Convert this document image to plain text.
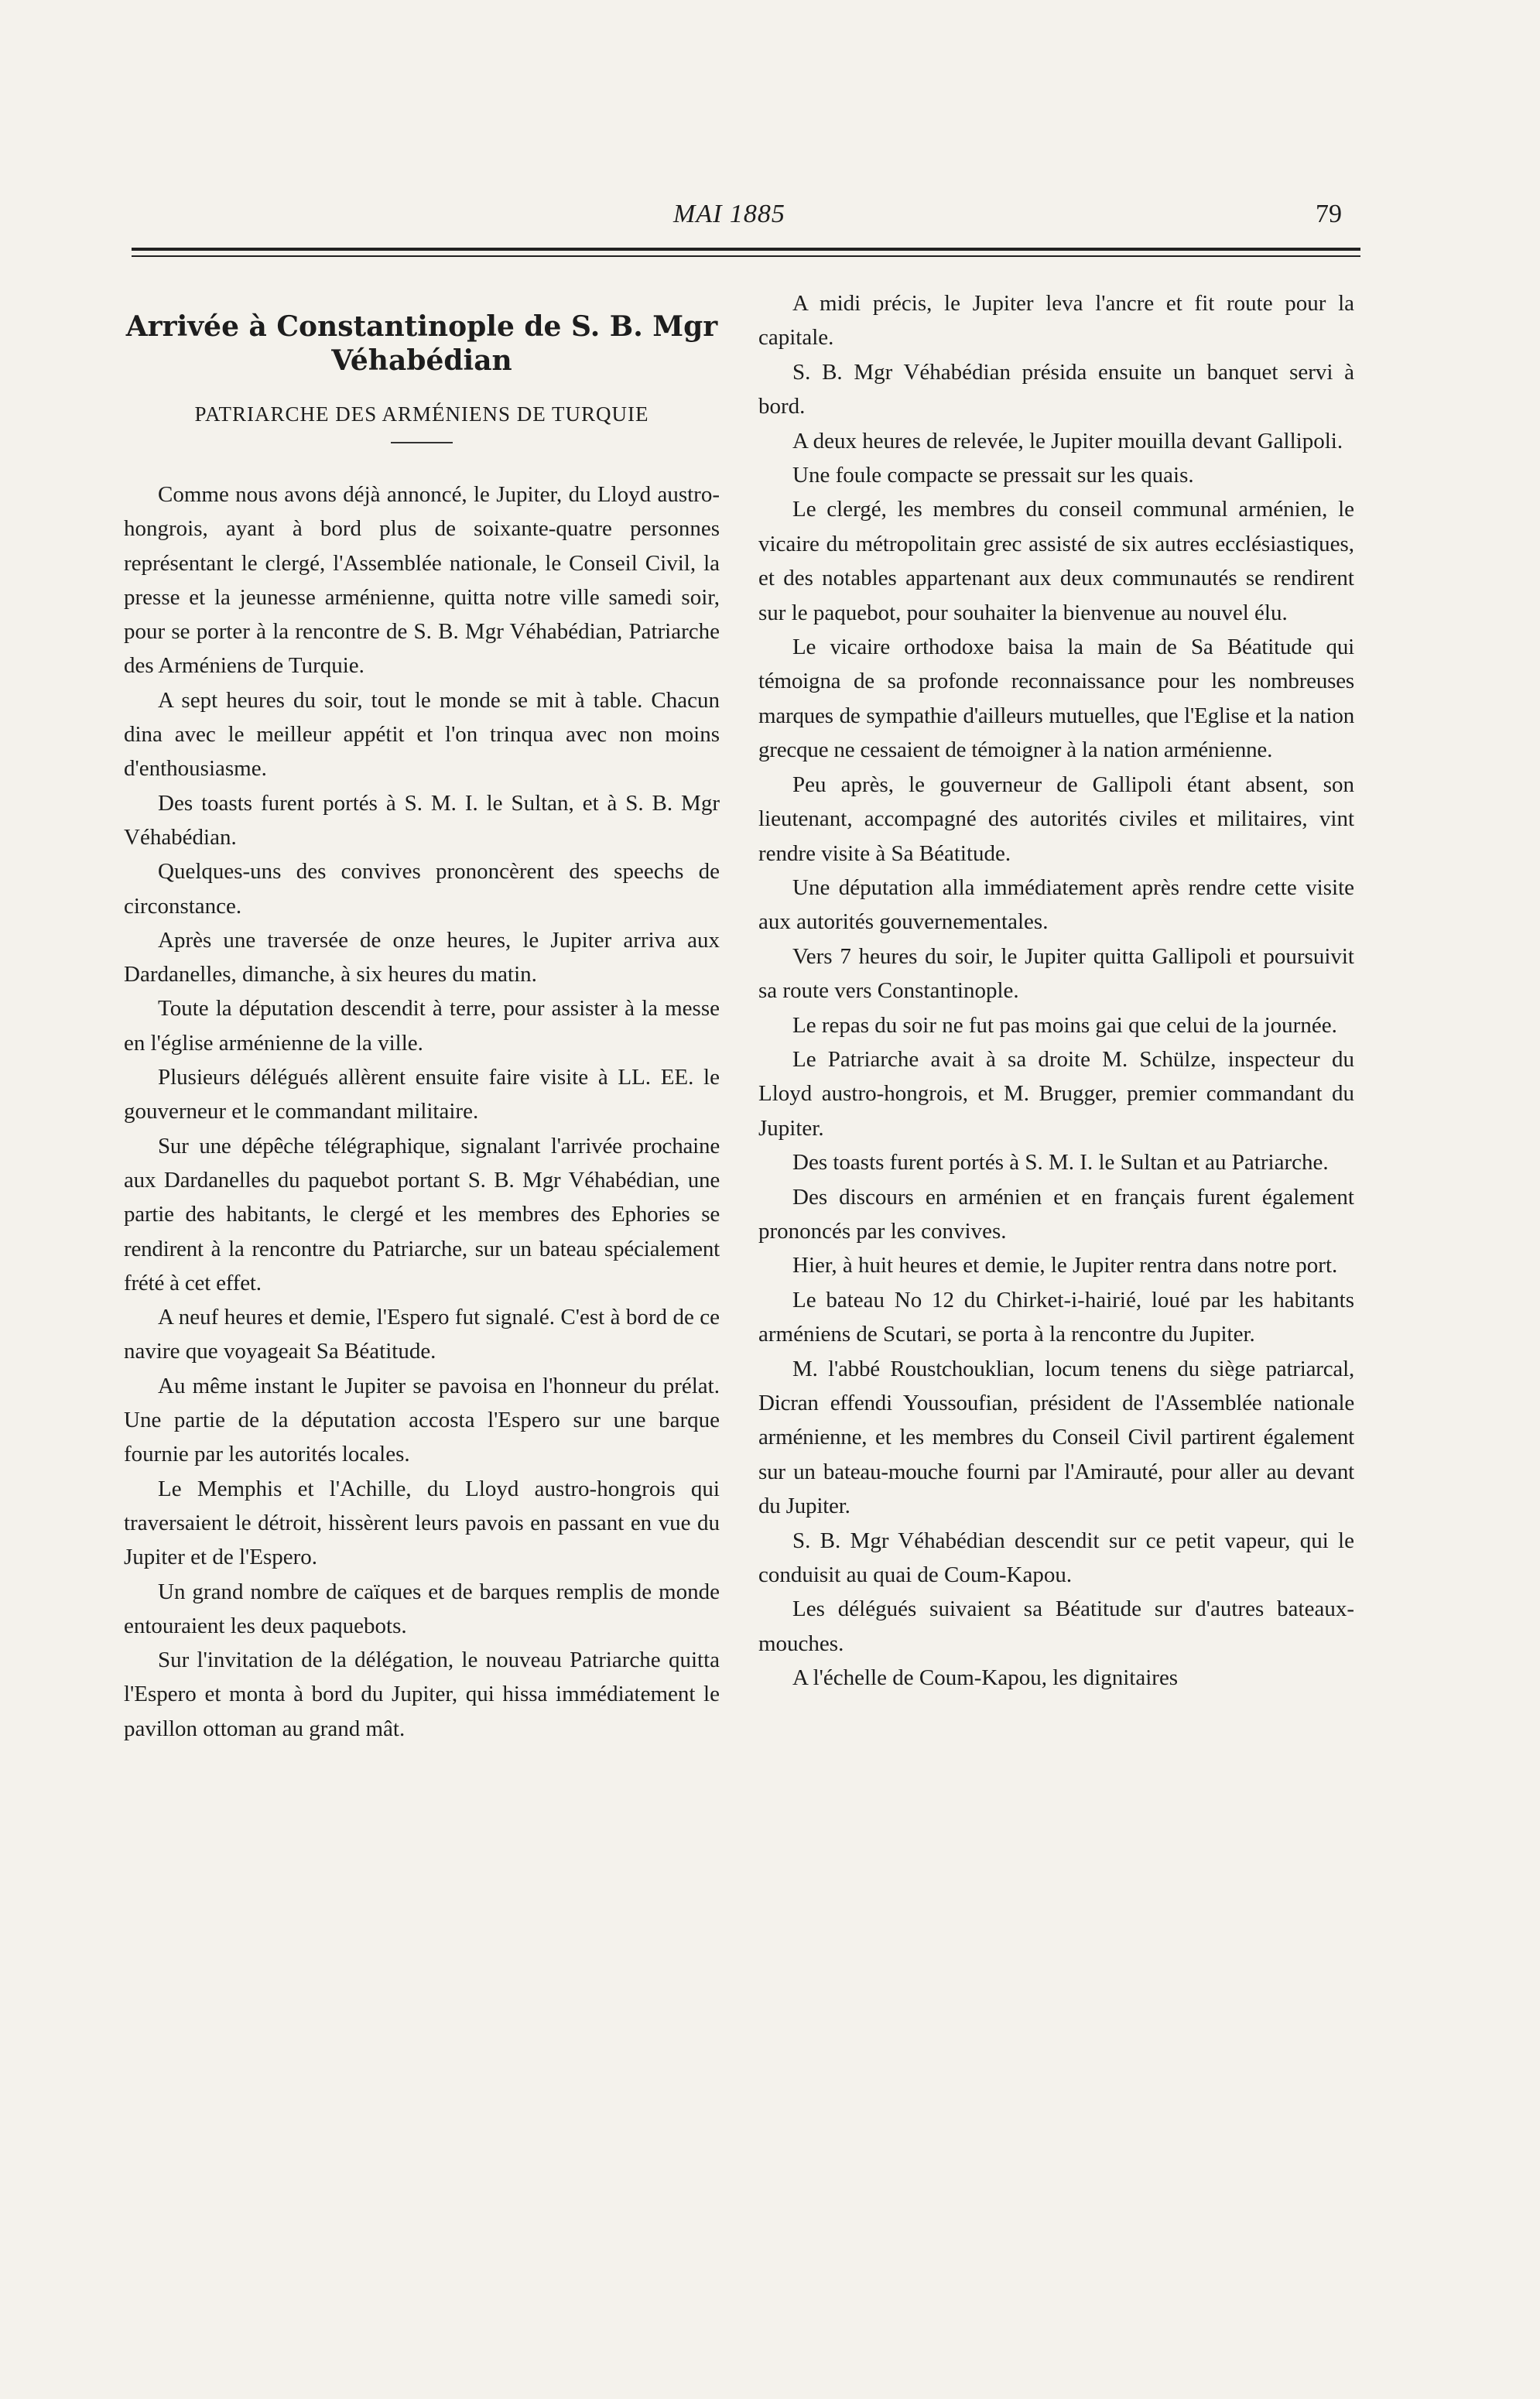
MAI 1885	79
Arrivée à Constantinople de S. B. Mgr
Véhabédian
PATRIARCHE DES ARMÉNIENS DE TURQUIE

Comme nous avons déjà annoncé, le Jupiter, du Lloyd austro-hongrois, ayant à bord plus de soixante-quatre personnes représentant le clergé, l'Assemblée nationale, le Conseil Civil, la presse et la jeunesse arménienne, quitta notre ville samedi soir, pour se porter à la rencontre de S. B. Mgr Véhabédian, Patriarche des Arméniens de Turquie.

A sept heures du soir, tout le monde se mit à table. Chacun dina avec le meilleur appétit et l'on trinqua avec non moins d'enthousiasme.

Des toasts furent portés à S. M. I. le Sultan, et à S. B. Mgr Véhabédian.

Quelques-uns des convives prononcèrent des speechs de circonstance.

Après une traversée de onze heures, le Jupiter arriva aux Dardanelles, dimanche, à six heures du matin.

Toute la députation descendit à terre, pour assister à la messe en l'église arménienne de la ville.

Plusieurs délégués allèrent ensuite faire visite à LL. EE. le gouverneur et le commandant militaire.

Sur une dépêche télégraphique, signalant l'arrivée prochaine aux Dardanelles du paquebot portant S. B. Mgr Véhabédian, une partie des habitants, le clergé et les membres des Ephories se rendirent à la rencontre du Patriarche, sur un bateau spécialement frété à cet effet.

A neuf heures et demie, l'Espero fut signalé. C'est à bord de ce navire que voyageait Sa Béatitude.

Au même instant le Jupiter se pavoisa en l'honneur du prélat. Une partie de la députation accosta l'Espero sur une barque fournie par les autorités locales.

Le Memphis et l'Achille, du Lloyd austro-hongrois qui traversaient le détroit, hissèrent leurs pavois en passant en vue du Jupiter et de l'Espero.

Un grand nombre de caïques et de barques remplis de monde entouraient les deux paquebots.

Sur l'invitation de la délégation, le nouveau Patriarche quitta l'Espero et monta à bord du Jupiter, qui hissa immédiatement le pavillon ottoman au grand mât.

A midi précis, le Jupiter leva l'ancre et fit route pour la capitale.

S. B. Mgr Véhabédian présida ensuite un banquet servi à bord.

A deux heures de relevée, le Jupiter mouilla devant Gallipoli.

Une foule compacte se pressait sur les quais.

Le clergé, les membres du conseil communal arménien, le vicaire du métropolitain grec assisté de six autres ecclésiastiques, et des notables appartenant aux deux communautés se rendirent sur le paquebot, pour souhaiter la bienvenue au nouvel élu.

Le vicaire orthodoxe baisa la main de Sa Béatitude qui témoigna de sa profonde reconnaissance pour les nombreuses marques de sympathie d'ailleurs mutuelles, que l'Eglise et la nation grecque ne cessaient de témoigner à la nation arménienne.

Peu après, le gouverneur de Gallipoli étant absent, son lieutenant, accompagné des autorités civiles et militaires, vint rendre visite à Sa Béatitude.

Une députation alla immédiatement après rendre cette visite aux autorités gouvernementales.

Vers 7 heures du soir, le Jupiter quitta Gallipoli et poursuivit sa route vers Constantinople.

Le repas du soir ne fut pas moins gai que celui de la journée.

Le Patriarche avait à sa droite M. Schülze, inspecteur du Lloyd austro-hongrois, et M. Brugger, premier commandant du Jupiter.

Des toasts furent portés à S. M. I. le Sultan et au Patriarche.

Des discours en arménien et en français furent également prononcés par les convives.

Hier, à huit heures et demie, le Jupiter rentra dans notre port.

Le bateau No 12 du Chirket-i-hairié, loué par les habitants arméniens de Scutari, se porta à la rencontre du Jupiter.

M. l'abbé Roustchouklian, locum tenens du siège patriarcal, Dicran effendi Youssoufian, président de l'Assemblée nationale arménienne, et les membres du Conseil Civil partirent également sur un bateau-mouche fourni par l'Amirauté, pour aller au devant du Jupiter.

S. B. Mgr Véhabédian descendit sur ce petit vapeur, qui le conduisit au quai de Coum-Kapou.

Les délégués suivaient sa Béatitude sur d'autres bateaux-mouches.

A l'échelle de Coum-Kapou, les dignitaires
